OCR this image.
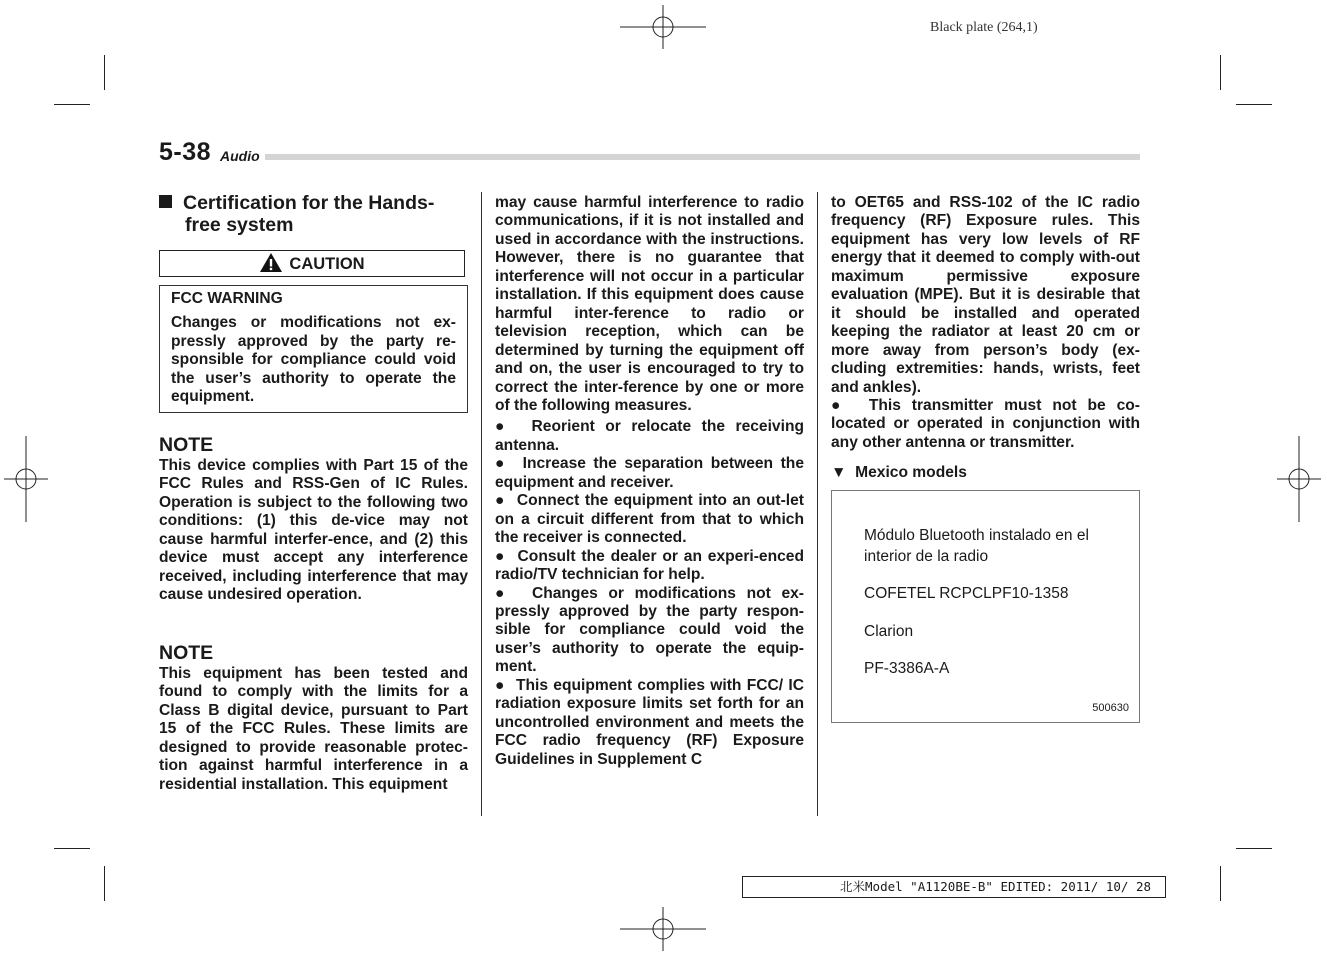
Black plate (264,1)
5-38 Audio
Certification for the Hands-
free system
CAUTION

FCC WARNING

Changes or modifications not ex-pressly approved by the party re-sponsible for compliance could void the user’s authority to operate the equipment.

NOTE

This device complies with Part 15 of the FCC Rules and RSS-Gen of IC Rules. Operation is subject to the following two conditions: (1) this de-vice may not cause harmful interfer-ence, and (2) this device must accept any interference received, including interference that may cause undesired operation.

NOTE

This equipment has been tested and found to comply with the limits for a Class B digital device, pursuant to Part 15 of the FCC Rules. These limits are designed to provide reasonable protec-tion against harmful interference in a residential installation. This equipment

may cause harmful interference to radio communications, if it is not installed and used in accordance with the instructions. However, there is no guarantee that interference will not occur in a particular installation. If this equipment does cause harmful inter-ference to radio or television reception, which can be determined by turning the equipment off and on, the user is encouraged to try to correct the inter-ference by one or more of the following measures.

●  Reorient or relocate the receiving antenna.

●  Increase the separation between the equipment and receiver.

●  Connect the equipment into an out-let on a circuit different from that to which the receiver is connected.

●  Consult the dealer or an experi-enced radio/TV technician for help.

●  Changes or modifications not ex-pressly approved by the party respon-sible for compliance could void the user’s authority to operate the equip-ment.

●  This equipment complies with FCC/ IC radiation exposure limits set forth for an uncontrolled environment and meets the FCC radio frequency (RF) Exposure Guidelines in Supplement C

to OET65 and RSS-102 of the IC radio frequency (RF) Exposure rules. This equipment has very low levels of RF energy that it deemed to comply with-out maximum permissive exposure evaluation (MPE). But it is desirable that it should be installed and operated keeping the radiator at least 20 cm or more away from person’s body (ex-cluding extremities: hands, wrists, feet and ankles).

●  This transmitter must not be co-located or operated in conjunction with any other antenna or transmitter.

▼ Mexico models
Módulo Bluetooth instalado en el
interior de la radio
COFETEL RCPCLPF10-1358
Clarion
PF-3386A-A
500630
北米Model "A1120BE-B" EDITED: 2011/ 10/ 28
